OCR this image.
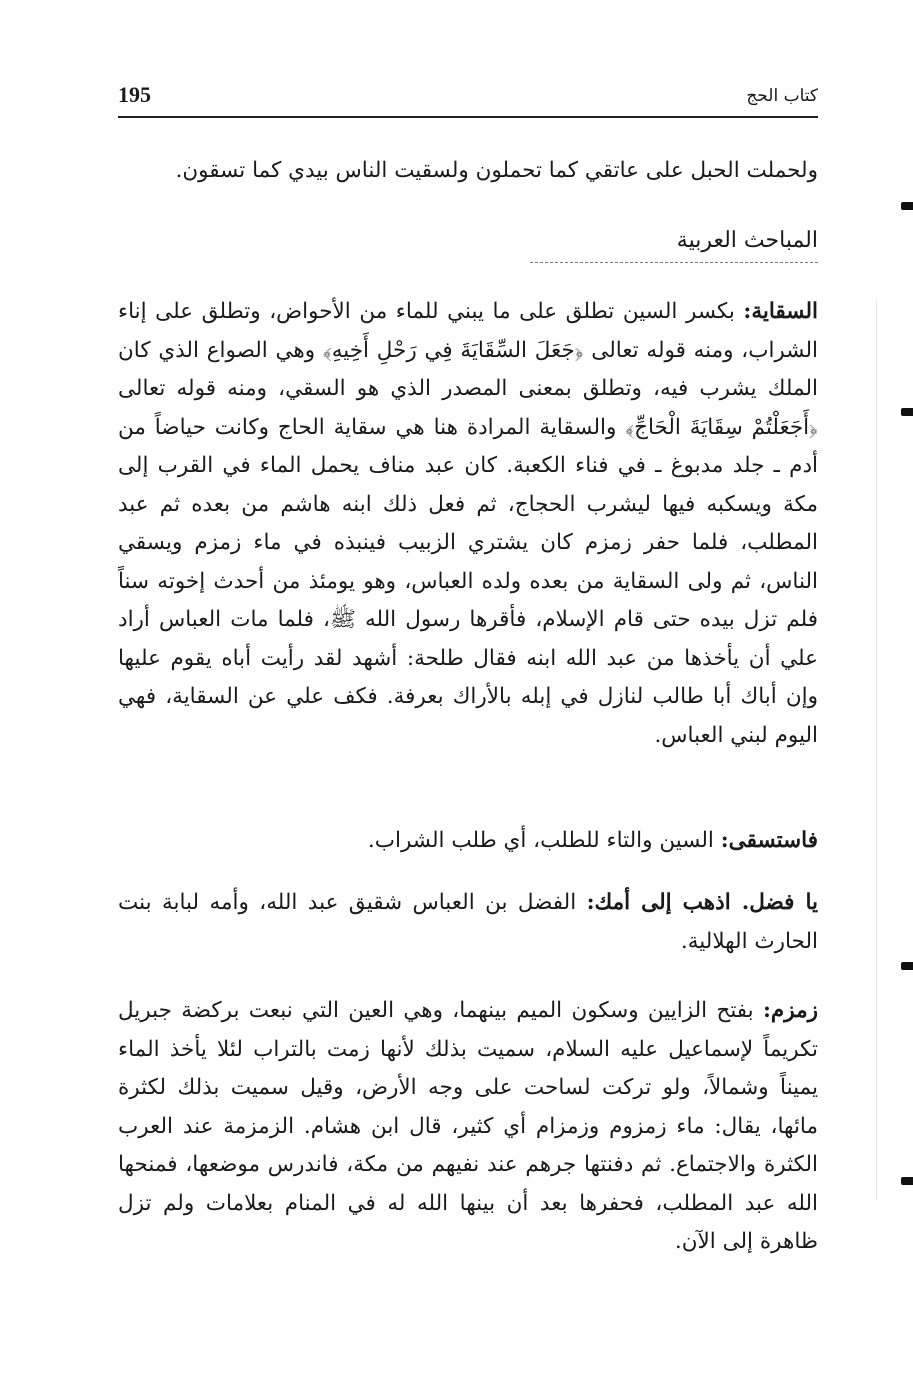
195	كتاب الحج
ولحملت الحبل على عاتقي كما تحملون ولسقيت الناس بيدي كما تسقون.
المباحث العربية

السقاية: بكسر السين تطلق على ما يبني للماء من الأحواض، وتطلق على إناء الشراب، ومنه قوله تعالى ﴿جَعَلَ السِّقَايَةَ فِي رَحْلِ أَخِيهِ﴾ وهي الصواع الذي كان الملك يشرب فيه، وتطلق بمعنى المصدر الذي هو السقي، ومنه قوله تعالى ﴿أَجَعَلْتُمْ سِقَايَةَ الْحَاجِّ﴾ والسقاية المرادة هنا هي سقاية الحاج وكانت حياضاً من أدم ـ جلد مدبوغ ـ في فناء الكعبة. كان عبد مناف يحمل الماء في القرب إلى مكة ويسكبه فيها ليشرب الحجاج، ثم فعل ذلك ابنه هاشم من بعده ثم عبد المطلب، فلما حفر زمزم كان يشتري الزبيب فينبذه في ماء زمزم ويسقي الناس، ثم ولى السقاية من بعده ولده العباس، وهو يومئذ من أحدث إخوته سناً فلم تزل بيده حتى قام الإسلام، فأقرها رسول الله ﷺ، فلما مات العباس أراد علي أن يأخذها من عبد الله ابنه فقال طلحة: أشهد لقد رأيت أباه يقوم عليها وإن أباك أبا طالب لنازل في إبله بالأراك بعرفة. فكف علي عن السقاية، فهي اليوم لبني العباس.

فاستسقى: السين والتاء للطلب، أي طلب الشراب.

يا فضل. اذهب إلى أمك: الفضل بن العباس شقيق عبد الله، وأمه لبابة بنت الحارث الهلالية.

زمزم: بفتح الزايين وسكون الميم بينهما، وهي العين التي نبعت بركضة جبريل تكريماً لإسماعيل عليه السلام، سميت بذلك لأنها زمت بالتراب لئلا يأخذ الماء يميناً وشمالاً، ولو تركت لساحت على وجه الأرض، وقيل سميت بذلك لكثرة مائها، يقال: ماء زمزوم وزمزام أي كثير، قال ابن هشام. الزمزمة عند العرب الكثرة والاجتماع. ثم دفنتها جرهم عند نفيهم من مكة، فاندرس موضعها، فمنحها الله عبد المطلب، فحفرها بعد أن بينها الله له في المنام بعلامات ولم تزل ظاهرة إلى الآن.
